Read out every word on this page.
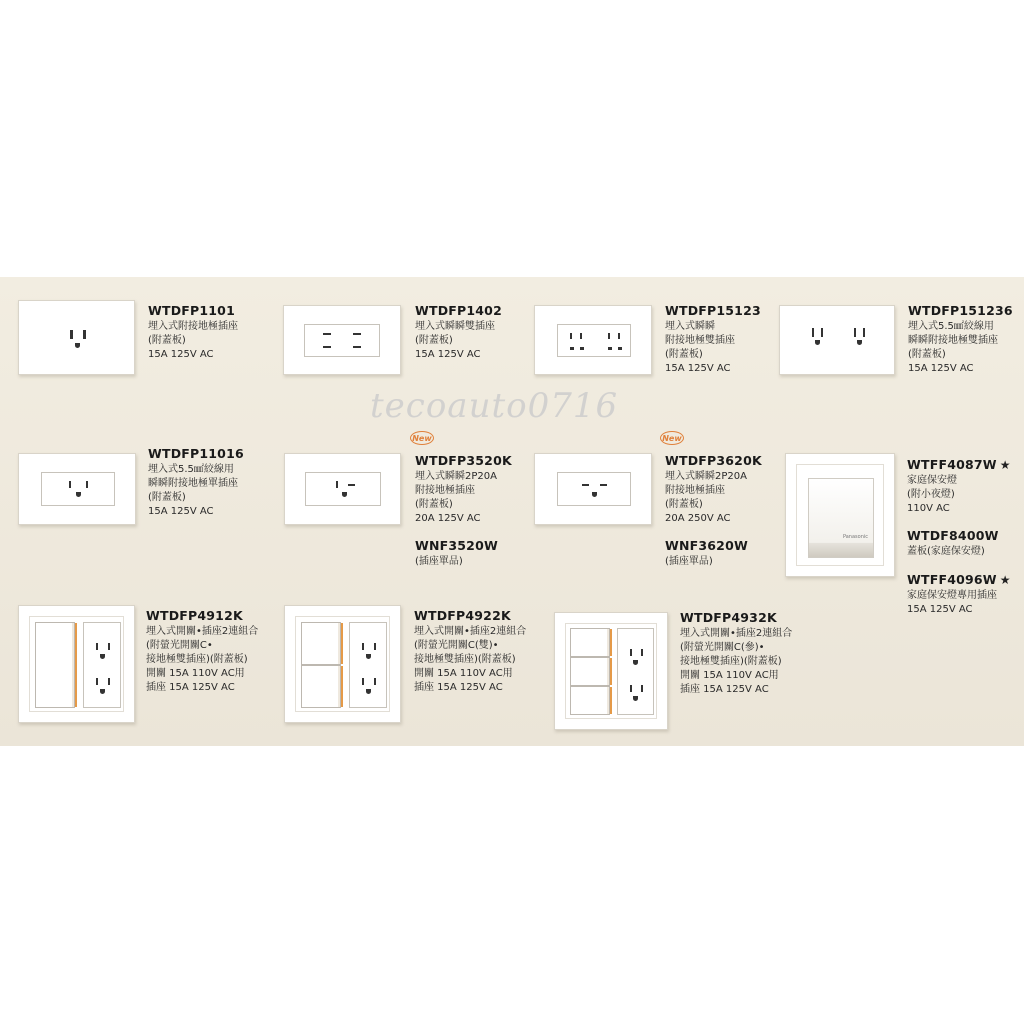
tecoauto0716
WTDFP1101
埋入式附接地極插座
(附蓋板)
15A 125V AC
WTDFP1402
埋入式瞬瞬雙插座
(附蓋板)
15A 125V AC
WTDFP15123
埋入式瞬瞬
附接地極雙插座
(附蓋板)
15A 125V AC
WTDFP151236
埋入式5.5㎟絞線用
瞬瞬附接地極雙插座
(附蓋板)
15A 125V AC
WTDFP11016
埋入式5.5㎟絞線用
瞬瞬附接地極單插座
(附蓋板)
15A 125V AC
New
WTDFP3520K
埋入式瞬瞬2P20A
附接地極插座
(附蓋板)
20A 125V AC
WNF3520W
(插座單品)
New
WTDFP3620K
埋入式瞬瞬2P20A
附接地極插座
(附蓋板)
20A 250V AC
WNF3620W
(插座單品)
Panasonic
WTFF4087W ★
家庭保安燈
(附小夜燈)
110V AC
WTDF8400W
蓋板(家庭保安燈)
WTFF4096W ★
家庭保安燈專用插座
15A 125V AC
WTDFP4912K
埋入式開關•插座2連組合
(附螢光開關C•
接地極雙插座)(附蓋板)
開關 15A 110V AC用
插座 15A 125V AC
WTDFP4922K
埋入式開關•插座2連組合
(附螢光開關C(雙)•
接地極雙插座)(附蓋板)
開關 15A 110V AC用
插座 15A 125V AC
WTDFP4932K
埋入式開關•插座2連組合
(附螢光開關C(參)•
接地極雙插座)(附蓋板)
開關 15A 110V AC用
插座 15A 125V AC
